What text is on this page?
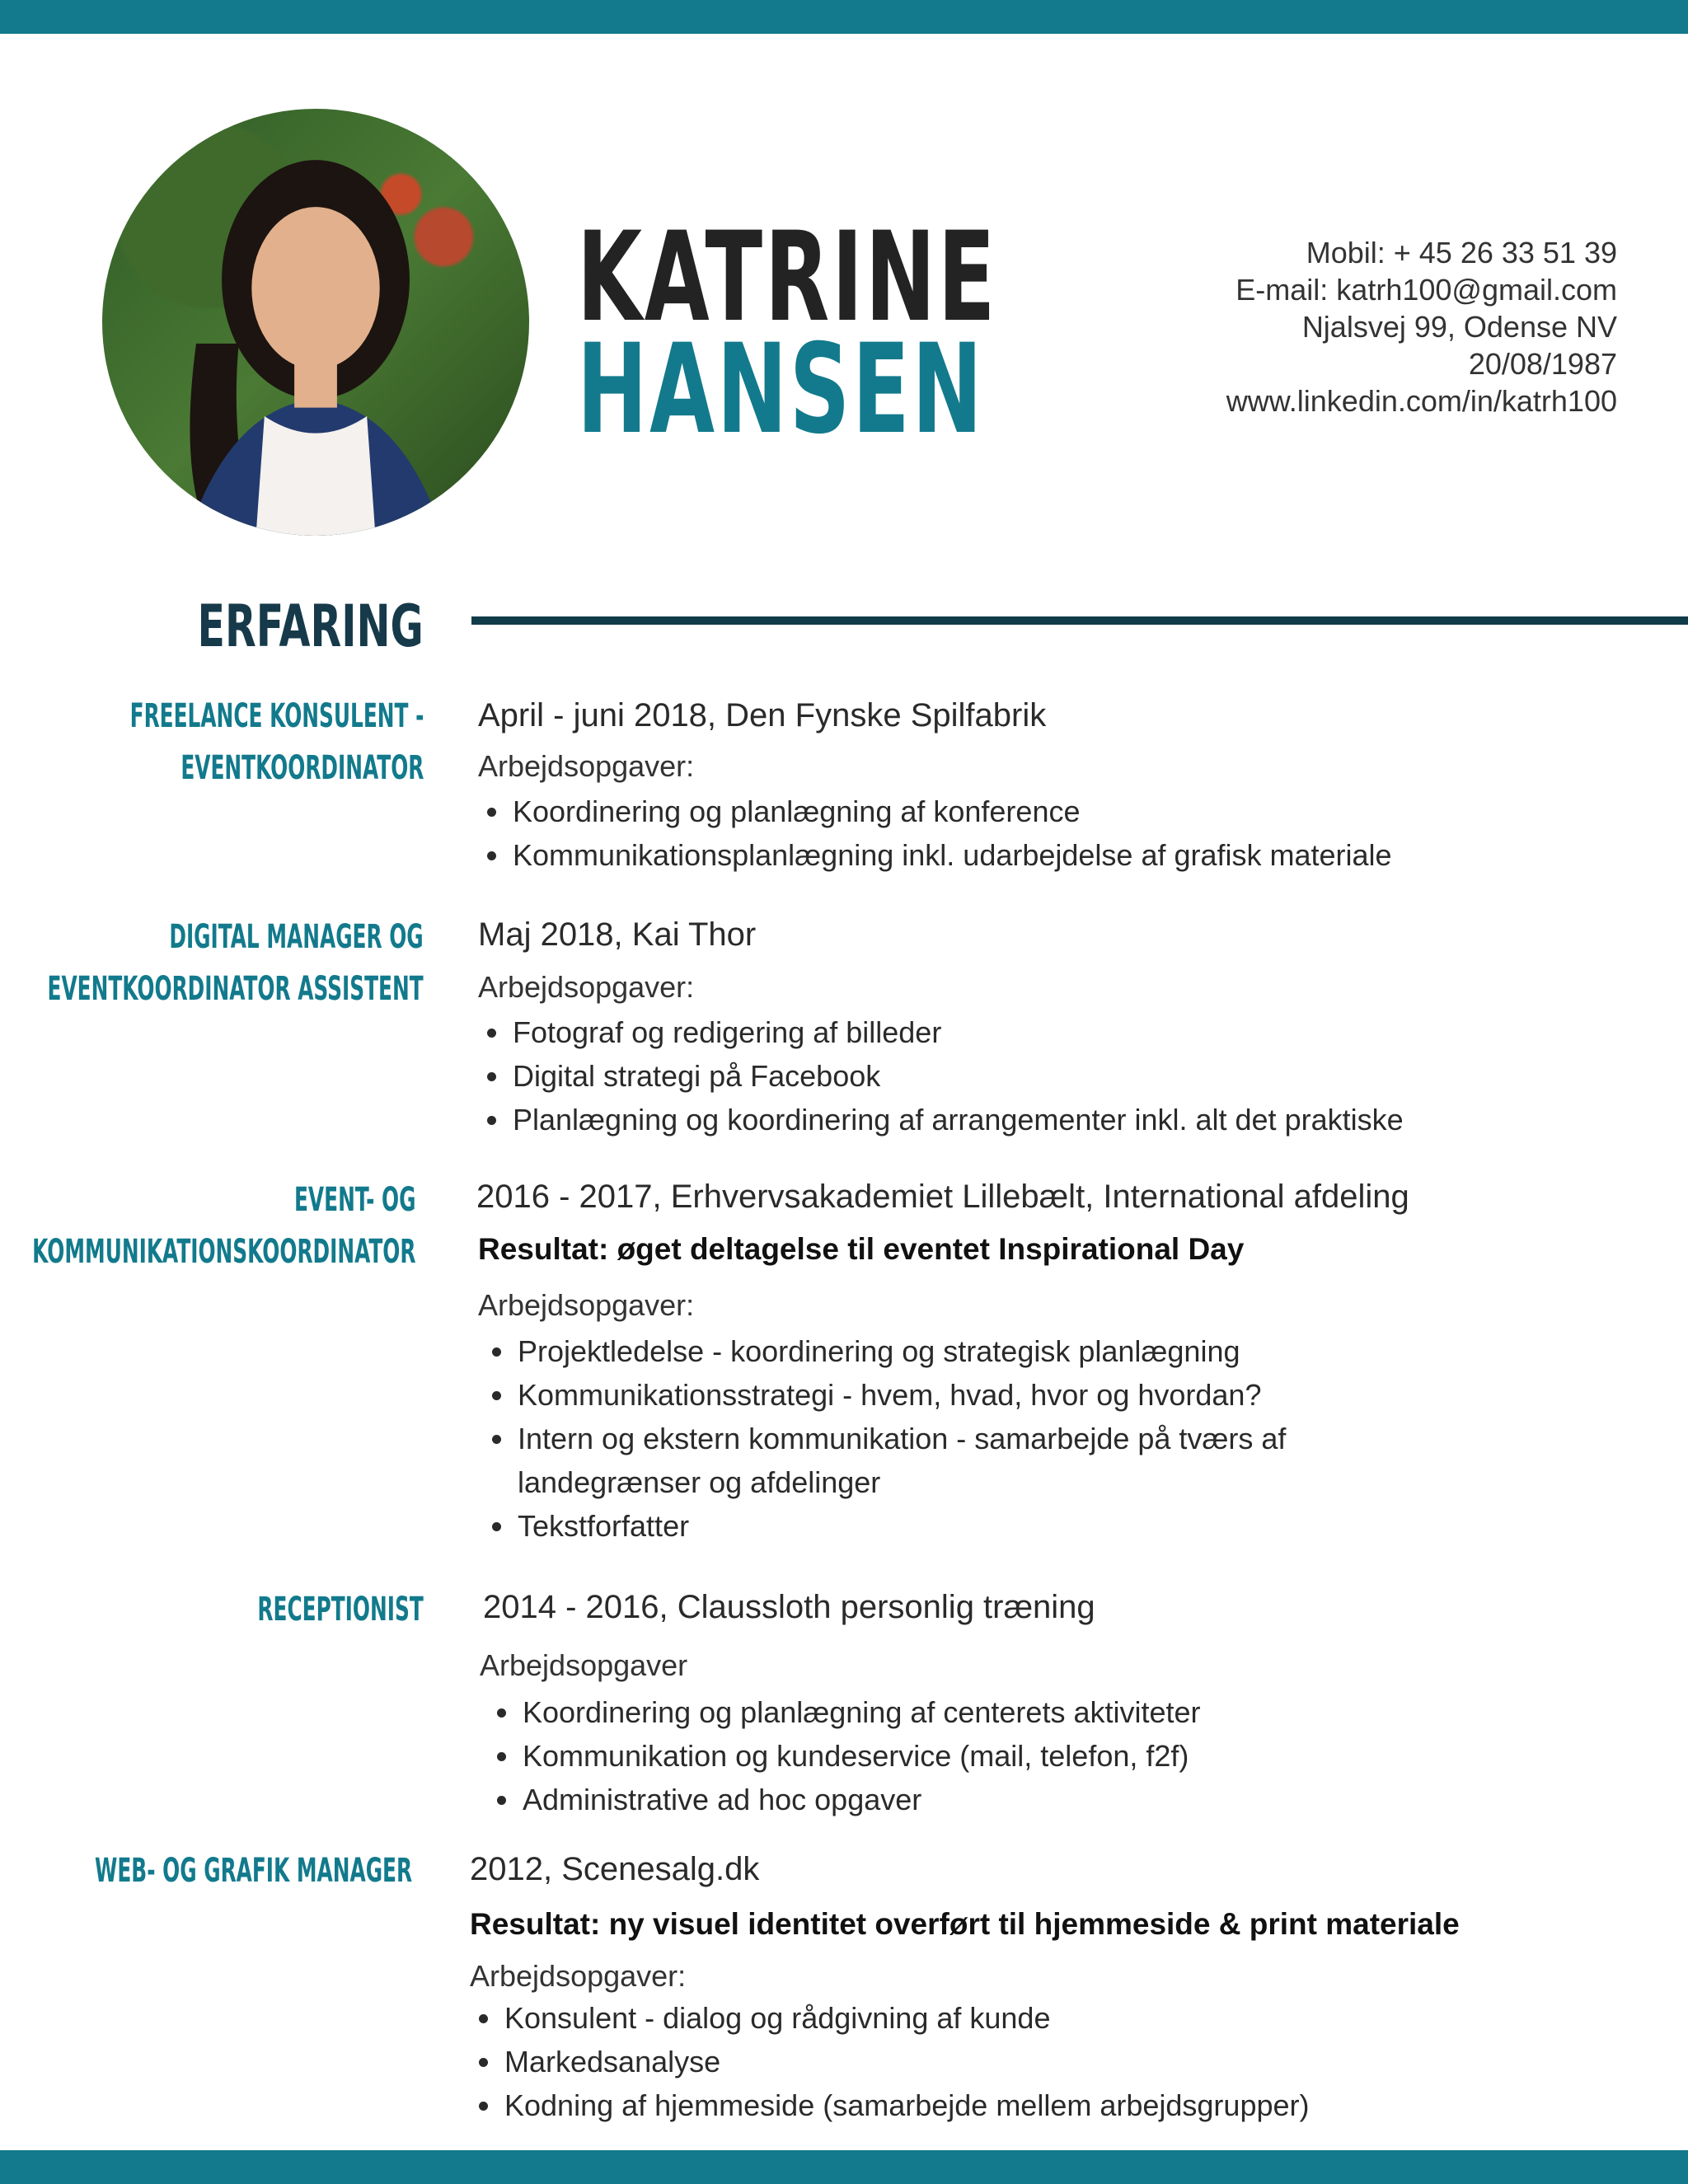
KATRINE
HANSEN
Mobil: + 45 26 33 51 39
E-mail: katrh100@gmail.com
Njalsvej 99, Odense NV
20/08/1987
www.linkedin.com/in/katrh100
ERFARING
FREELANCE KONSULENT -
EVENTKOORDINATOR
April - juni 2018, Den Fynske Spilfabrik
Arbejdsopgaver:
• Koordinering og planlægning af konference
• Kommunikationsplanlægning inkl. udarbejdelse af grafisk materiale
DIGITAL MANAGER OG
EVENTKOORDINATOR ASSISTENT
Maj 2018, Kai Thor
Arbejdsopgaver:
• Fotograf og redigering af billeder
• Digital strategi på Facebook
• Planlægning og koordinering af arrangementer inkl. alt det praktiske
EVENT- OG
KOMMUNIKATIONSKOORDINATOR
2016 - 2017, Erhvervsakademiet Lillebælt, International afdeling
Resultat: øget deltagelse til eventet Inspirational Day
Arbejdsopgaver:
• Projektledelse - koordinering og strategisk planlægning
• Kommunikationsstrategi - hvem, hvad, hvor og hvordan?
• Intern og ekstern kommunikation - samarbejde på tværs af landegrænser og afdelinger
• Tekstforfatter
RECEPTIONIST 2014 - 2016, Claussloth personlig træning
Arbejdsopgaver
• Koordinering og planlægning af centerets aktiviteter
• Kommunikation og kundeservice (mail, telefon, f2f)
• Administrative ad hoc opgaver
WEB- OG GRAFIK MANAGER 2012, Scenesalg.dk
Resultat: ny visuel identitet overført til hjemmeside & print materiale
Arbejdsopgaver:
• Konsulent - dialog og rådgivning af kunde
• Markedsanalyse
• Kodning af hjemmeside (samarbejde mellem arbejdsgrupper)
